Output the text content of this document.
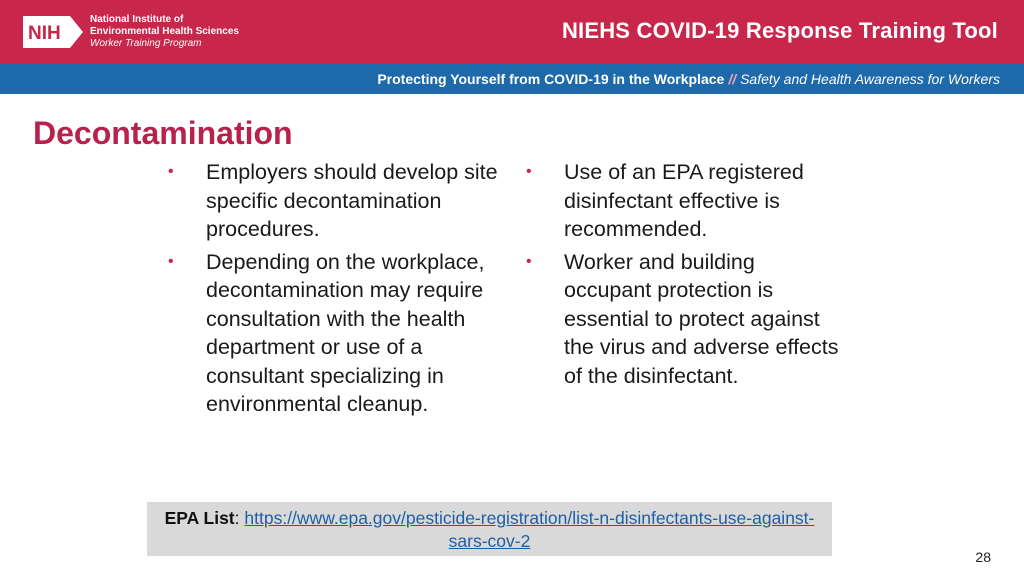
NIH
National Institute of
Environmental Health Sciences
Worker Training Program
NIEHS COVID-19 Response Training Tool
Protecting Yourself from COVID-19 in the Workplace // Safety and Health Awareness for Workers
Decontamination
• Employers should develop site specific decontamination procedures.
• Depending on the workplace, decontamination may require consultation with the health department or use of a consultant specializing in environmental cleanup.
• Use of an EPA registered disinfectant effective is recommended.
• Worker and building occupant protection is essential to protect against the virus and adverse effects of the disinfectant.
EPA List: https://www.epa.gov/pesticide-registration/list-n-disinfectants-use-against-sars-cov-2
28
